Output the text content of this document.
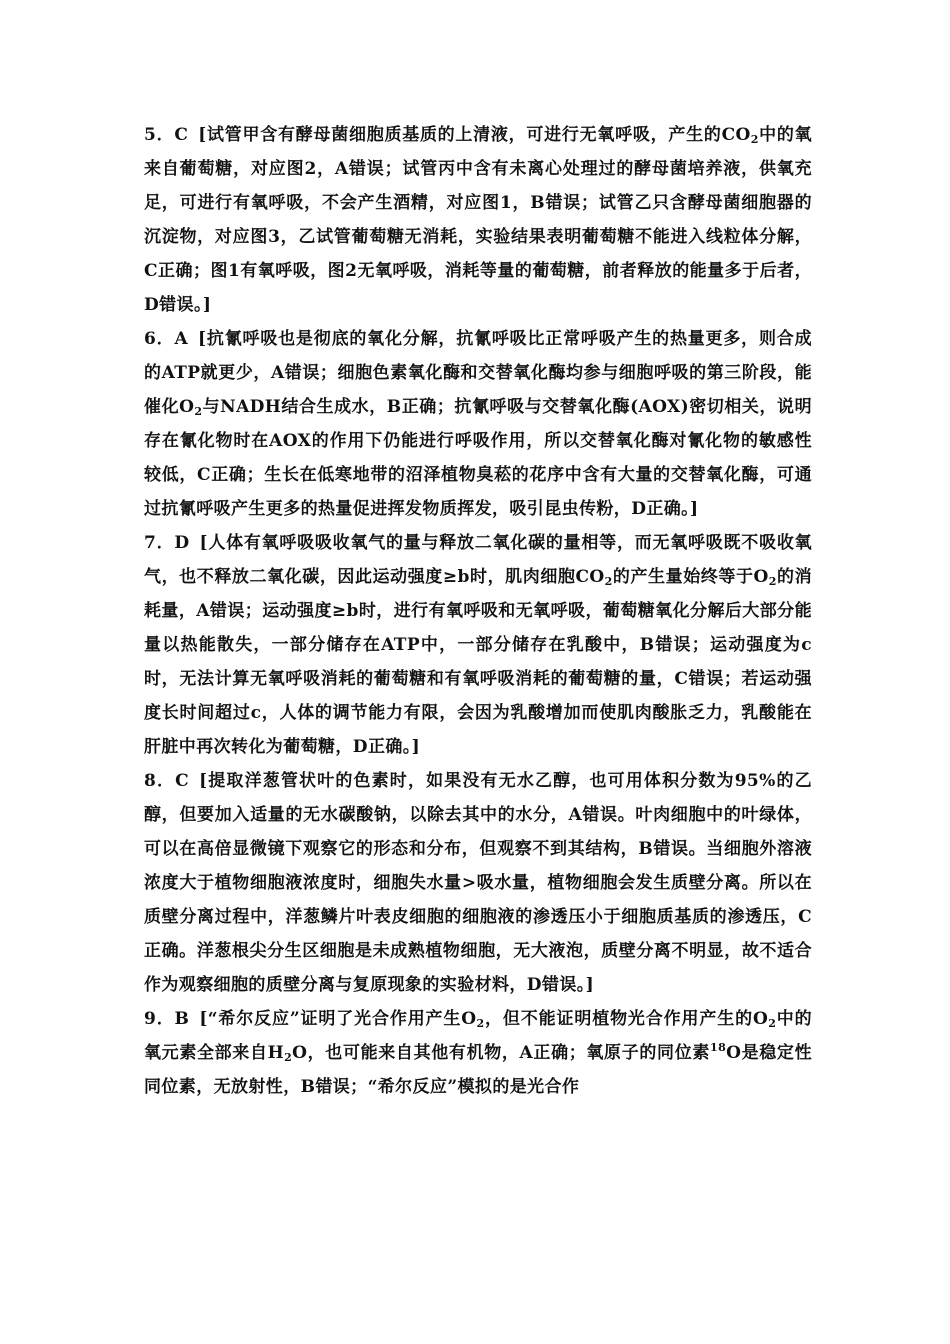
5．C [试管甲含有酵母菌细胞质基质的上清液，可进行无氧呼吸，产生的$CO_2$中的氧来自葡萄糖，对应图2，A错误；试管丙中含有未离心处理过的酵母菌培养液，供氧充足，可进行有氧呼吸，不会产生酒精，对应图1，B错误；试管乙只含酵母菌细胞器的沉淀物，对应图3，乙试管葡萄糖无消耗，实验结果表明葡萄糖不能进入线粒体分解，C正确；图1有氧呼吸，图2无氧呼吸，消耗等量的葡萄糖，前者释放的能量多于后者，D错误。]

6．A [抗氰呼吸也是彻底的氧化分解，抗氰呼吸比正常呼吸产生的热量更多，则合成的ATP就更少，A错误；细胞色素氧化酶和交替氧化酶均参与细胞呼吸的第三阶段，能催化$O_2$与NADH结合生成水，B正确；抗氰呼吸与交替氧化酶(AOX)密切相关，说明存在氰化物时在AOX的作用下仍能进行呼吸作用，所以交替氧化酶对氰化物的敏感性较低，C正确；生长在低寒地带的沼泽植物臭菘的花序中含有大量的交替氧化酶，可通过抗氰呼吸产生更多的热量促进挥发物质挥发，吸引昆虫传粉，D正确。]

7．D [人体有氧呼吸吸收氧气的量与释放二氧化碳的量相等，而无氧呼吸既不吸收氧气，也不释放二氧化碳，因此运动强度≥b时，肌肉细胞$CO_2$的产生量始终等于$O_2$的消耗量，A错误；运动强度≥b时，进行有氧呼吸和无氧呼吸，葡萄糖氧化分解后大部分能量以热能散失，一部分储存在ATP中，一部分储存在乳酸中，B错误；运动强度为c时，无法计算无氧呼吸消耗的葡萄糖和有氧呼吸消耗的葡萄糖的量，C错误；若运动强度长时间超过c，人体的调节能力有限，会因为乳酸增加而使肌肉酸胀乏力，乳酸能在肝脏中再次转化为葡萄糖，D正确。]

8．C [提取洋葱管状叶的色素时，如果没有无水乙醇，也可用体积分数为95%的乙醇，但要加入适量的无水碳酸钠，以除去其中的水分，A错误。叶肉细胞中的叶绿体，可以在高倍显微镜下观察它的形态和分布，但观察不到其结构，B错误。当细胞外溶液浓度大于植物细胞液浓度时，细胞失水量>吸水量，植物细胞会发生质壁分离。所以在质壁分离过程中，洋葱鳞片叶表皮细胞的细胞液的渗透压小于细胞质基质的渗透压，C正确。洋葱根尖分生区细胞是未成熟植物细胞，无大液泡，质壁分离不明显，故不适合作为观察细胞的质壁分离与复原现象的实验材料，D错误。]

9．B [“希尔反应”证明了光合作用产生$O_2$，但不能证明植物光合作用产生的$O_2$中的氧元素全部来自$H_2O$，也可能来自其他有机物，A正确；氧原子的同位素$^{18}$O是稳定性同位素，无放射性，B错误；“希尔反应”模拟的是光合作
